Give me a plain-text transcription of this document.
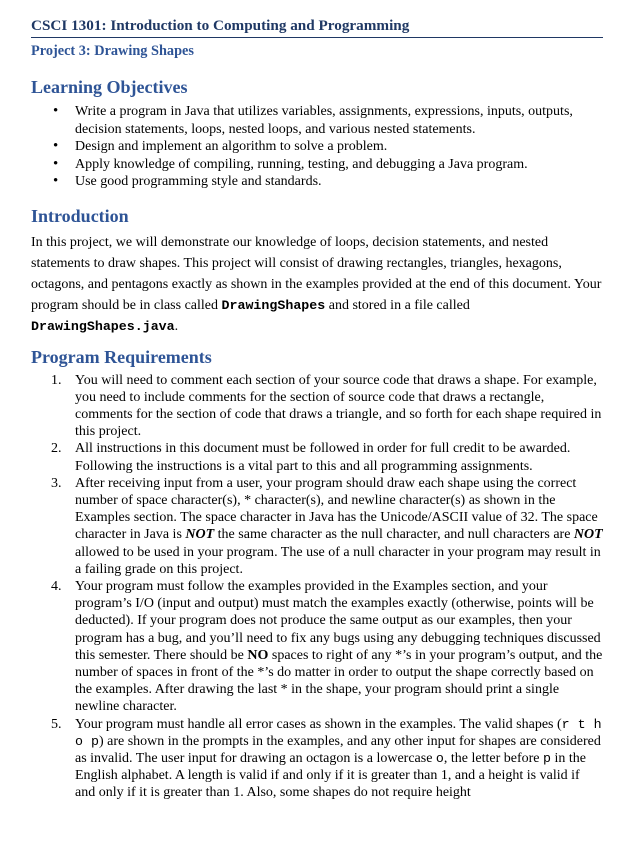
CSCI 1301: Introduction to Computing and Programming
Project 3: Drawing Shapes
Learning Objectives
• Write a program in Java that utilizes variables, assignments, expressions, inputs, outputs, decision statements, loops, nested loops, and various nested statements.
• Design and implement an algorithm to solve a problem.
• Apply knowledge of compiling, running, testing, and debugging a Java program.
• Use good programming style and standards.
Introduction

In this project, we will demonstrate our knowledge of loops, decision statements, and nested statements to draw shapes. This project will consist of drawing rectangles, triangles, hexagons, octagons, and pentagons exactly as shown in the examples provided at the end of this document. Your program should be in class called DrawingShapes and stored in a file called DrawingShapes.java.

Program Requirements
1. You will need to comment each section of your source code that draws a shape. For example, you need to include comments for the section of source code that draws a rectangle, comments for the section of code that draws a triangle, and so forth for each shape required in this project.
2. All instructions in this document must be followed in order for full credit to be awarded. Following the instructions is a vital part to this and all programming assignments.
3. After receiving input from a user, your program should draw each shape using the correct number of space character(s), * character(s), and newline character(s) as shown in the Examples section. The space character in Java has the Unicode/ASCII value of 32. The space character in Java is NOT the same character as the null character, and null characters are NOT allowed to be used in your program. The use of a null character in your program may result in a failing grade on this project.
4. Your program must follow the examples provided in the Examples section, and your program’s I/O (input and output) must match the examples exactly (otherwise, points will be deducted). If your program does not produce the same output as our examples, then your program has a bug, and you’ll need to fix any bugs using any debugging techniques discussed this semester. There should be NO spaces to right of any *’s in your program’s output, and the number of spaces in front of the *’s do matter in order to output the shape correctly based on the examples. After drawing the last * in the shape, your program should print a single newline character.
5. Your program must handle all error cases as shown in the examples. The valid shapes (r t h o p) are shown in the prompts in the examples, and any other input for shapes are considered as invalid. The user input for drawing an octagon is a lowercase o, the letter before p in the English alphabet. A length is valid if and only if it is greater than 1, and a height is valid if and only if it is greater than 1. Also, some shapes do not require height
